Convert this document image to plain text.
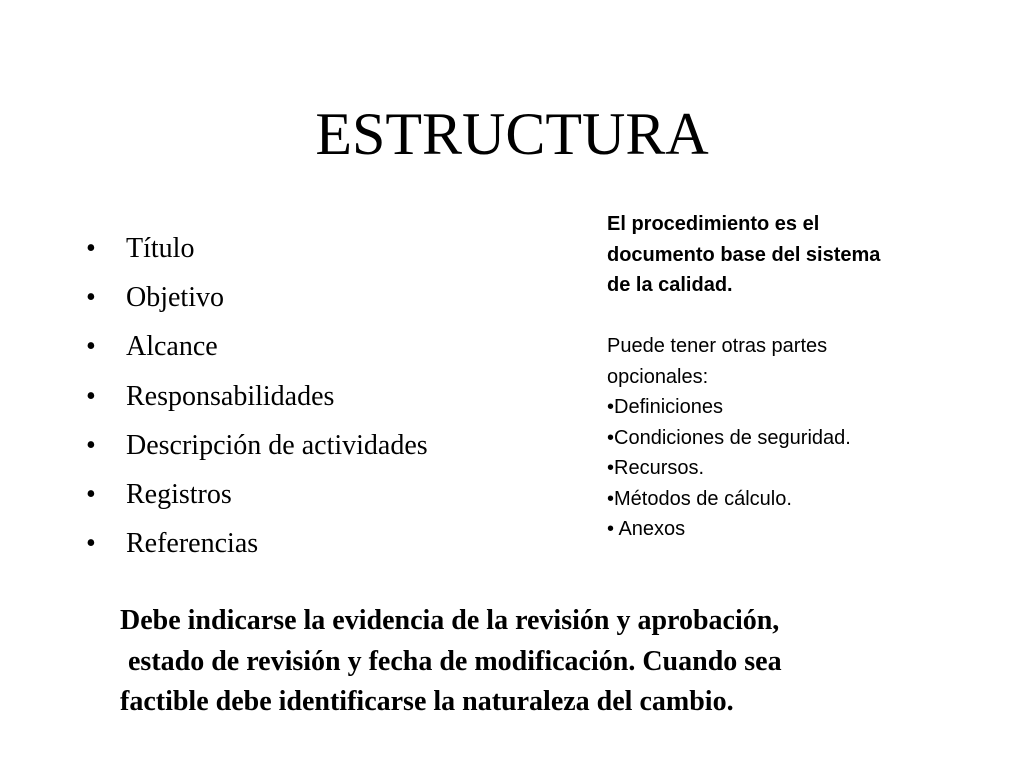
ESTRUCTURA
• Título
• Objetivo
• Alcance
• Responsabilidades
• Descripción de actividades
• Registros
• Referencias
El procedimiento es el
documento base del sistema
de la calidad.
Puede tener otras partes
opcionales:
•Definiciones
•Condiciones de seguridad.
•Recursos.
•Métodos de cálculo.
• Anexos
Debe indicarse la evidencia de la revisión y aprobación,
estado de revisión y fecha de modificación. Cuando sea
factible debe identificarse la naturaleza del cambio.
